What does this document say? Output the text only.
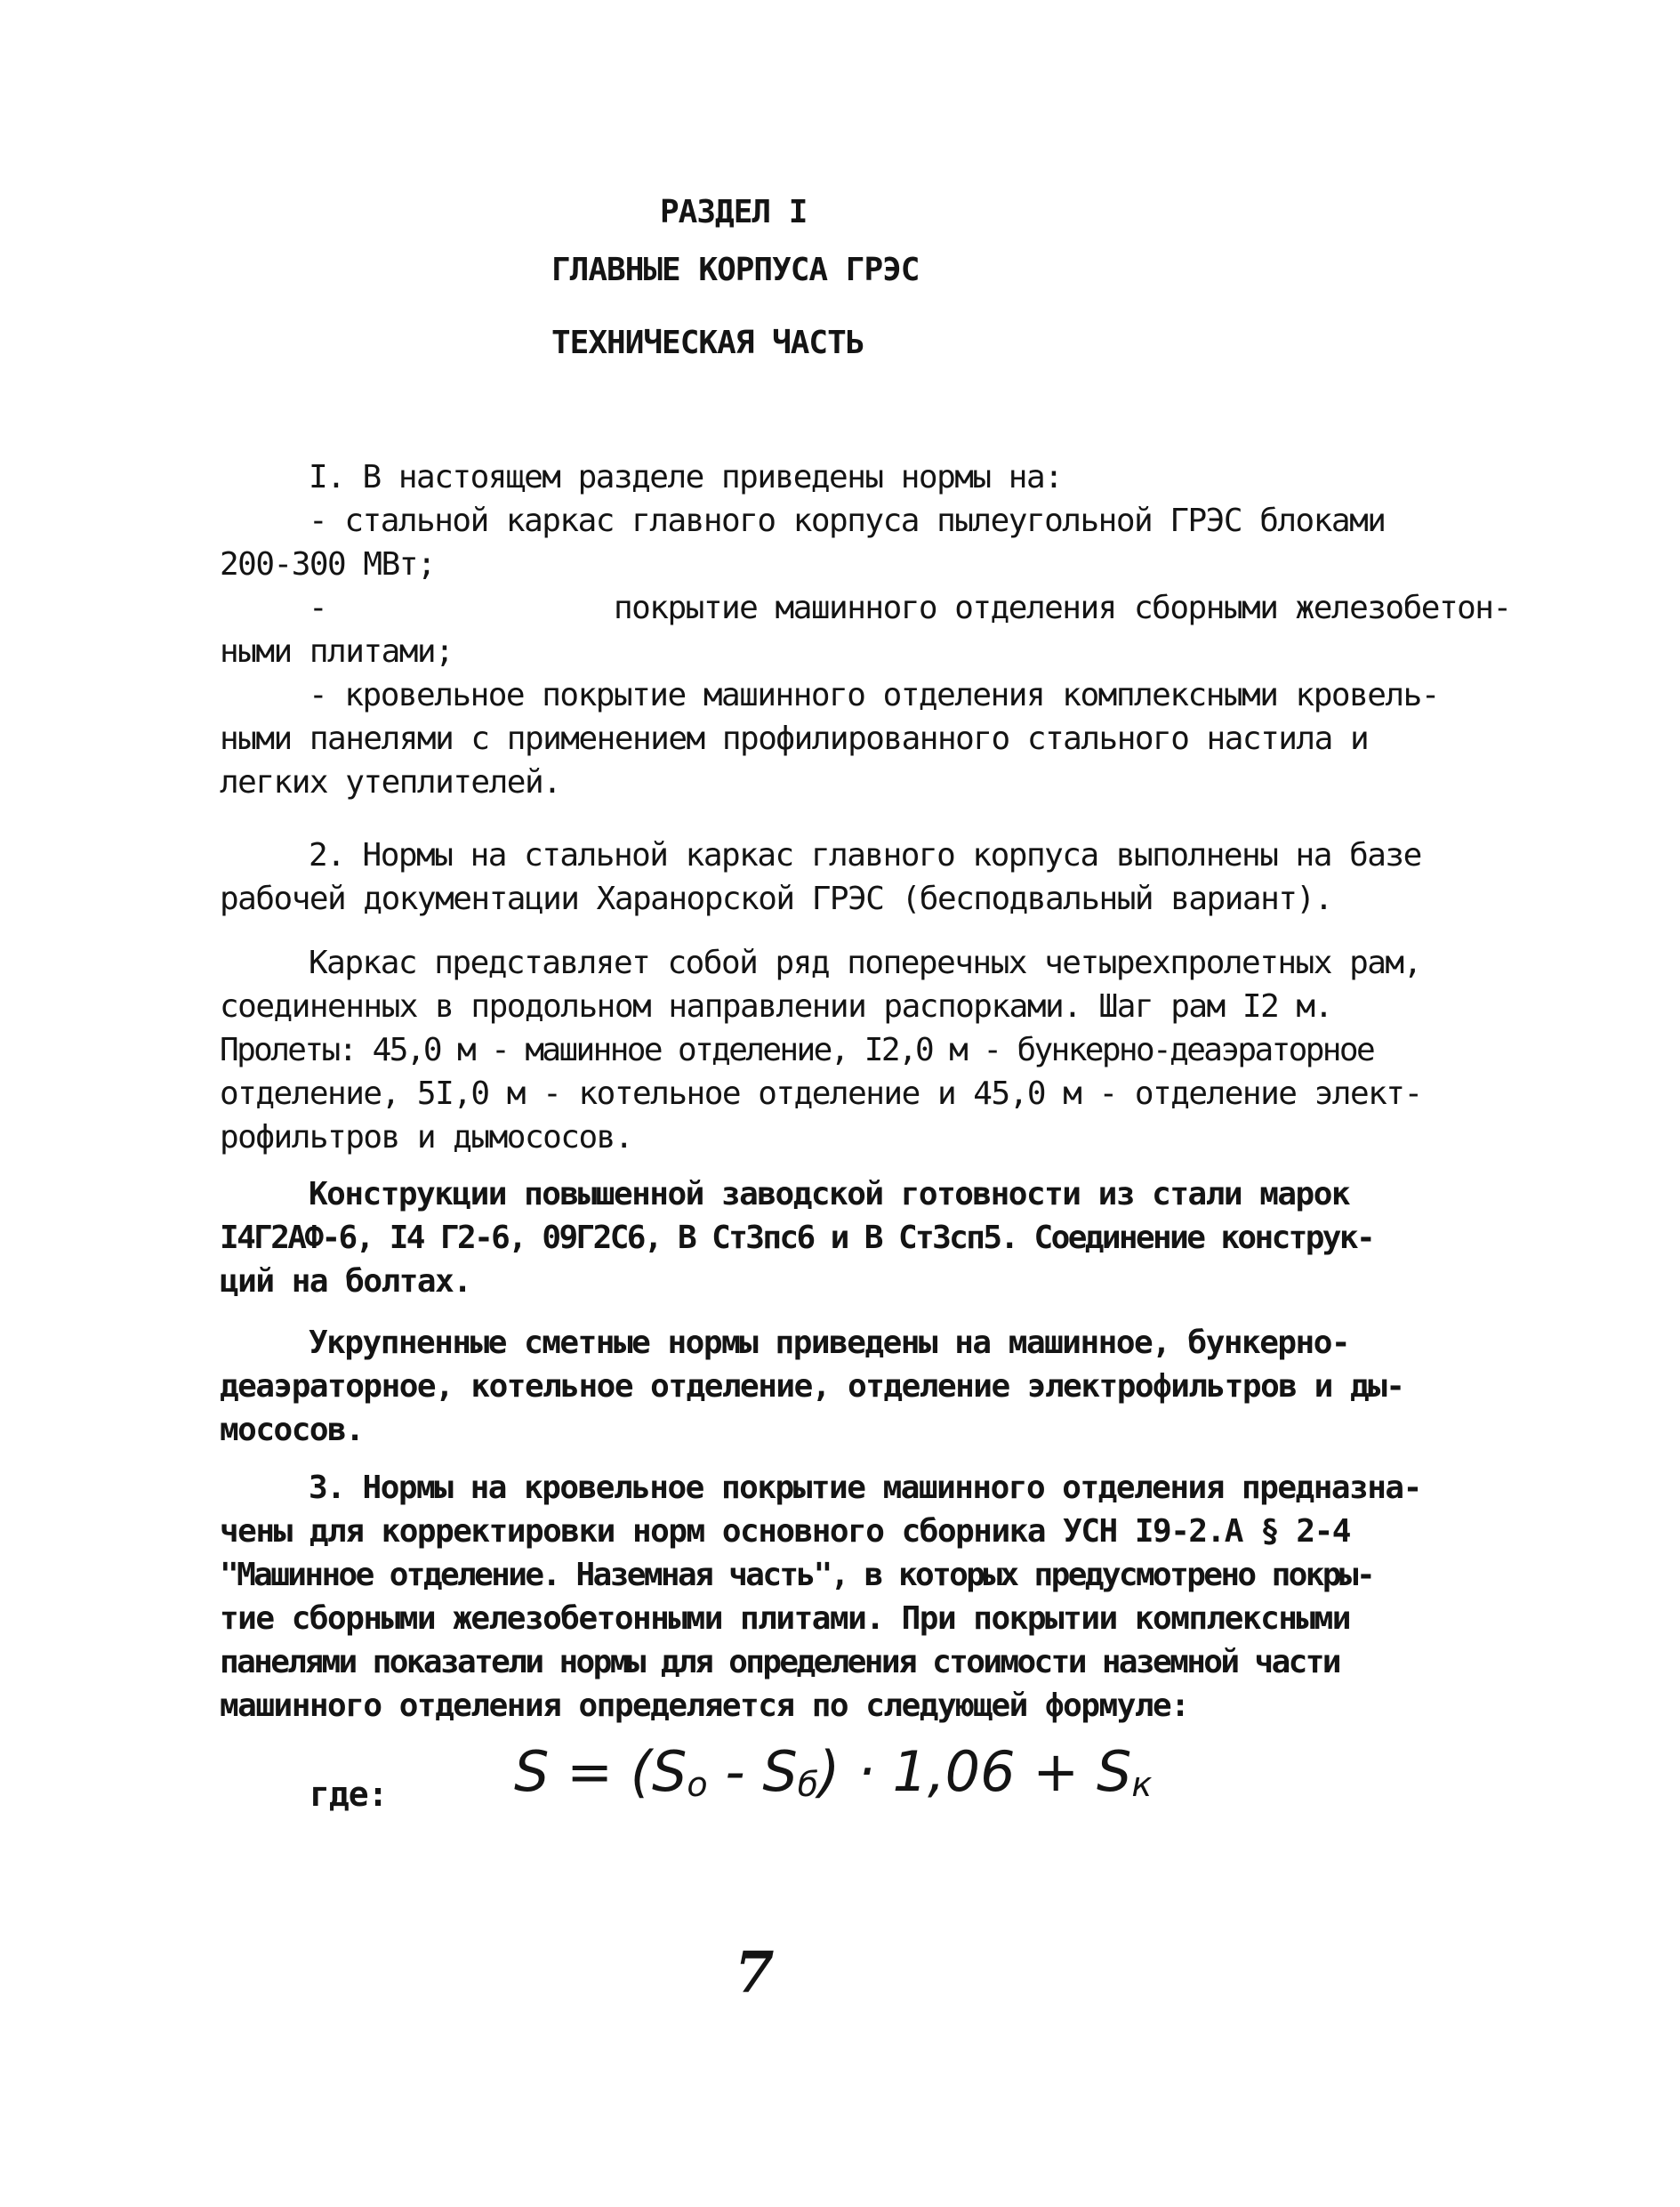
РАЗДЕЛ I
ГЛАВНЫЕ КОРПУСА ГРЭС
ТЕХНИЧЕСКАЯ ЧАСТЬ
I. В настоящем разделе приведены нормы на:
- стальной каркас главного корпуса пылеугольной ГРЭС блоками
200-300 МВт;
-                покрытие машинного отделения сборными железобетон-
ными плитами;
- кровельное покрытие машинного отделения комплексными кровель-
ными панелями с применением профилированного стального настила и
легких утеплителей.
2. Нормы на стальной каркас главного корпуса выполнены на базе
рабочей документации Харанорской ГРЭС (бесподвальный вариант).
Каркас представляет собой ряд поперечных четырехпролетных рам,
соединенных в продольном направлении распорками. Шаг рам I2 м.
Пролеты: 45,0 м - машинное отделение, I2,0 м - бункерно-деаэраторное
отделение, 5I,0 м - котельное отделение и 45,0 м - отделение элект-
рофильтров и дымососов.
Конструкции повышенной заводской готовности из стали марок
I4Г2АФ-6, I4 Г2-6, 09Г2С6, В Ст3пс6 и В Ст3сп5. Соединение конструк-
ций на болтах.
Укрупненные сметные нормы приведены на машинное, бункерно-
деаэраторное, котельное отделение, отделение электрофильтров и ды-
мососов.
3. Нормы на кровельное покрытие машинного отделения предназна-
чены для корректировки норм основного сборника УСН I9-2.А § 2-4
"Машинное отделение. Наземная часть", в которых предусмотрено покры-
тие сборными железобетонными плитами. При покрытии комплексными
панелями показатели нормы для определения стоимости наземной части
машинного отделения определяется по следующей формуле:
где: $S = (S_o - S_б) \cdot 1,06 + S_к$
7
